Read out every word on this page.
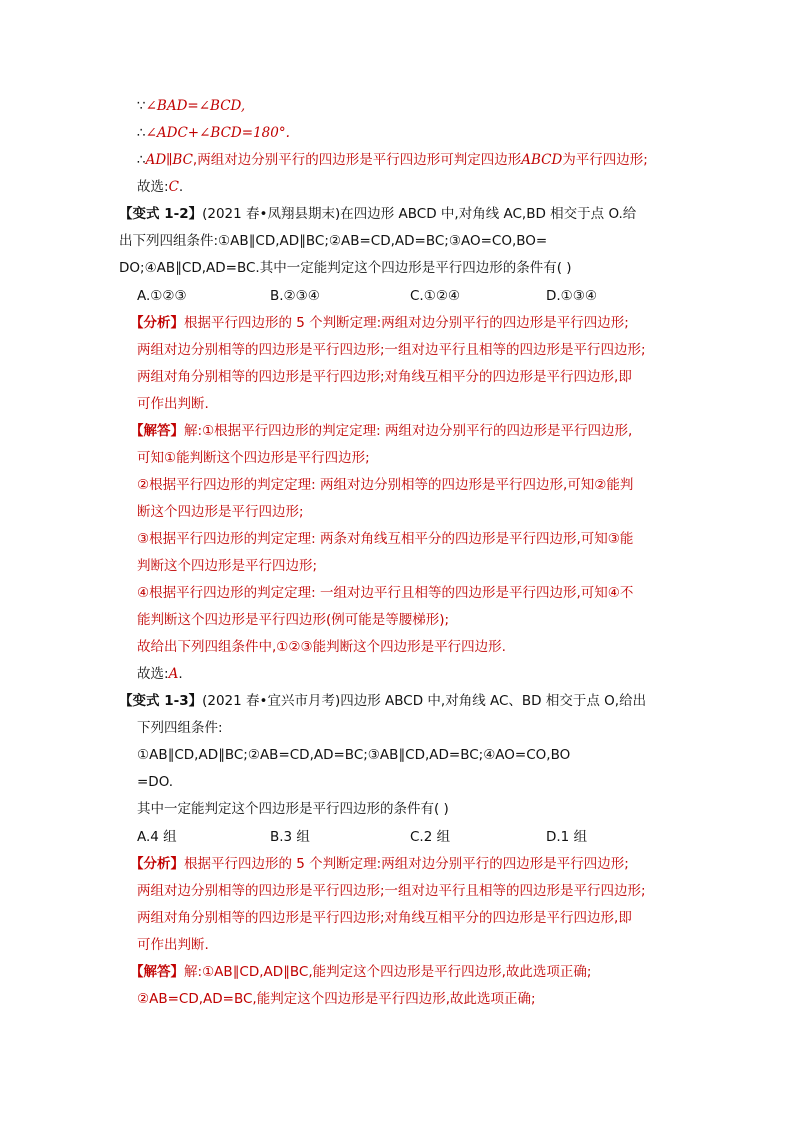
∵∠BAD=∠BCD,
∴∠ADC+∠BCD=180°.
∴AD∥BC,两组对边分别平行的四边形是平行四边形可判定四边形ABCD为平行四边形;
故选:C.
【变式 1-2】(2021 春•凤翔县期末)在四边形 ABCD 中,对角线 AC,BD 相交于点 O.给
出下列四组条件:①AB∥CD,AD∥BC;②AB=CD,AD=BC;③AO=CO,BO=
DO;④AB∥CD,AD=BC.其中一定能判定这个四边形是平行四边形的条件有( )
A.①②③	B.②③④	C.①②④	D.①③④
【分析】根据平行四边形的 5 个判断定理:两组对边分别平行的四边形是平行四边形;
两组对边分别相等的四边形是平行四边形;一组对边平行且相等的四边形是平行四边形;
两组对角分别相等的四边形是平行四边形;对角线互相平分的四边形是平行四边形,即
可作出判断.
【解答】解:①根据平行四边形的判定定理: 两组对边分别平行的四边形是平行四边形,
可知①能判断这个四边形是平行四边形;
②根据平行四边形的判定定理: 两组对边分别相等的四边形是平行四边形,可知②能判
断这个四边形是平行四边形;
③根据平行四边形的判定定理: 两条对角线互相平分的四边形是平行四边形,可知③能
判断这个四边形是平行四边形;
④根据平行四边形的判定定理: 一组对边平行且相等的四边形是平行四边形,可知④不
能判断这个四边形是平行四边形(例可能是等腰梯形);
故给出下列四组条件中,①②③能判断这个四边形是平行四边形.
故选:A.
【变式 1-3】(2021 春•宜兴市月考)四边形 ABCD 中,对角线 AC、BD 相交于点 O,给出
下列四组条件:
①AB∥CD,AD∥BC;②AB=CD,AD=BC;③AB∥CD,AD=BC;④AO=CO,BO
=DO.
其中一定能判定这个四边形是平行四边形的条件有( )
A.4 组	B.3 组	C.2 组	D.1 组
【分析】根据平行四边形的 5 个判断定理:两组对边分别平行的四边形是平行四边形;
两组对边分别相等的四边形是平行四边形;一组对边平行且相等的四边形是平行四边形;
两组对角分别相等的四边形是平行四边形;对角线互相平分的四边形是平行四边形,即
可作出判断.
【解答】解:①AB∥CD,AD∥BC,能判定这个四边形是平行四边形,故此选项正确;
②AB=CD,AD=BC,能判定这个四边形是平行四边形,故此选项正确;
